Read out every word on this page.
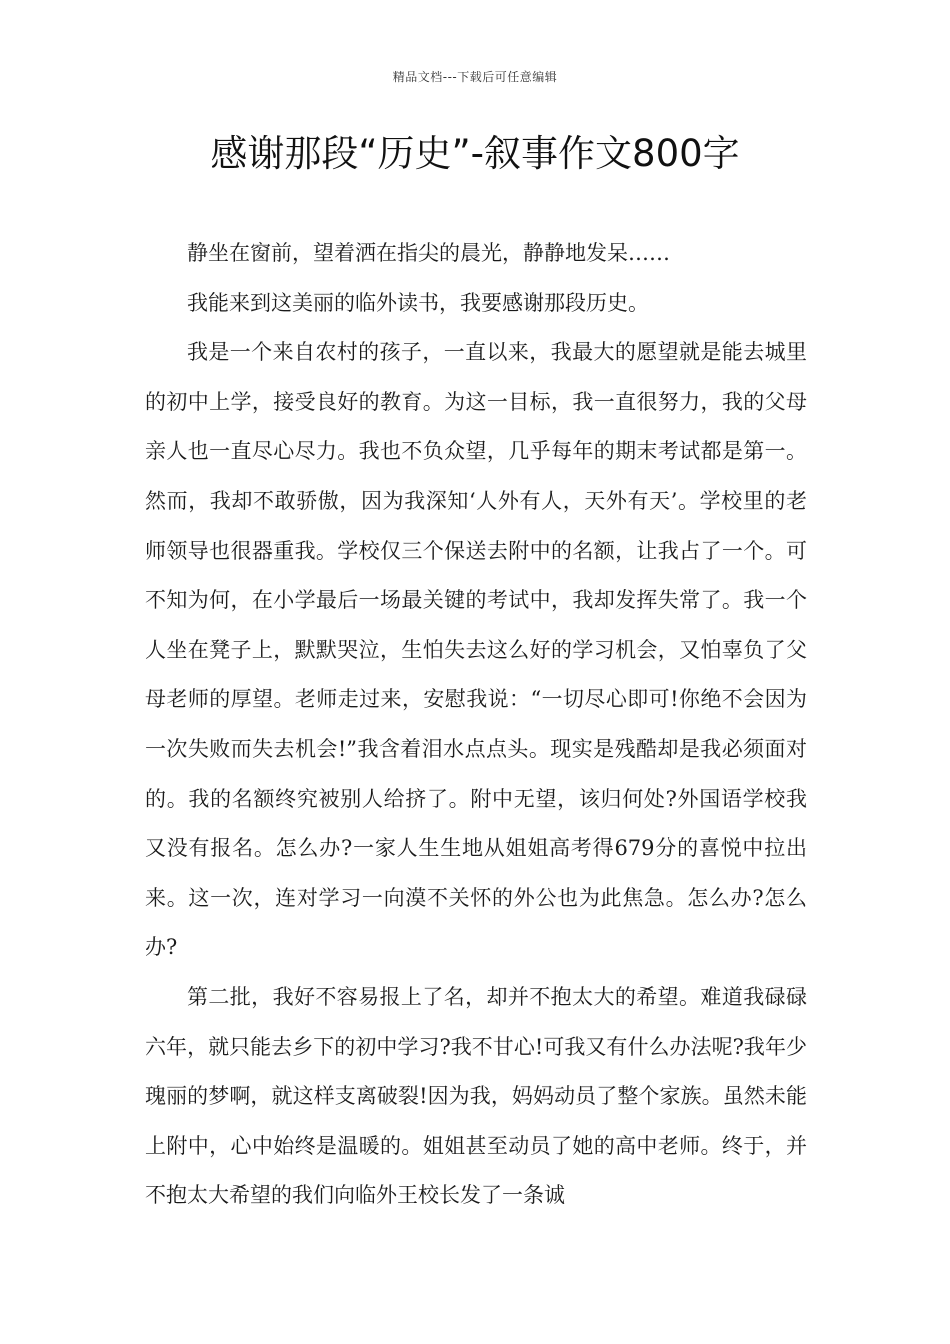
精品文档---下载后可任意编辑
感谢那段“历史”-叙事作文800字

静坐在窗前，望着洒在指尖的晨光，静静地发呆……

我能来到这美丽的临外读书，我要感谢那段历史。

我是一个来自农村的孩子，一直以来，我最大的愿望就是能去城里的初中上学，接受良好的教育。为这一目标，我一直很努力，我的父母亲人也一直尽心尽力。我也不负众望，几乎每年的期末考试都是第一。然而，我却不敢骄傲，因为我深知‘人外有人，天外有天’。学校里的老师领导也很器重我。学校仅三个保送去附中的名额，让我占了一个。可不知为何，在小学最后一场最关键的考试中，我却发挥失常了。我一个人坐在凳子上，默默哭泣，生怕失去这么好的学习机会，又怕辜负了父母老师的厚望。老师走过来，安慰我说：“一切尽心即可!你绝不会因为一次失败而失去机会!”我含着泪水点点头。现实是残酷却是我必须面对的。我的名额终究被别人给挤了。附中无望，该归何处?外国语学校我又没有报名。怎么办?一家人生生地从姐姐高考得679分的喜悦中拉出来。这一次，连对学习一向漠不关怀的外公也为此焦急。怎么办?怎么办?

第二批，我好不容易报上了名，却并不抱太大的希望。难道我碌碌六年，就只能去乡下的初中学习?我不甘心!可我又有什么办法呢?我年少瑰丽的梦啊，就这样支离破裂!因为我，妈妈动员了整个家族。虽然未能上附中，心中始终是温暖的。姐姐甚至动员了她的高中老师。终于，并不抱太大希望的我们向临外王校长发了一条诚
